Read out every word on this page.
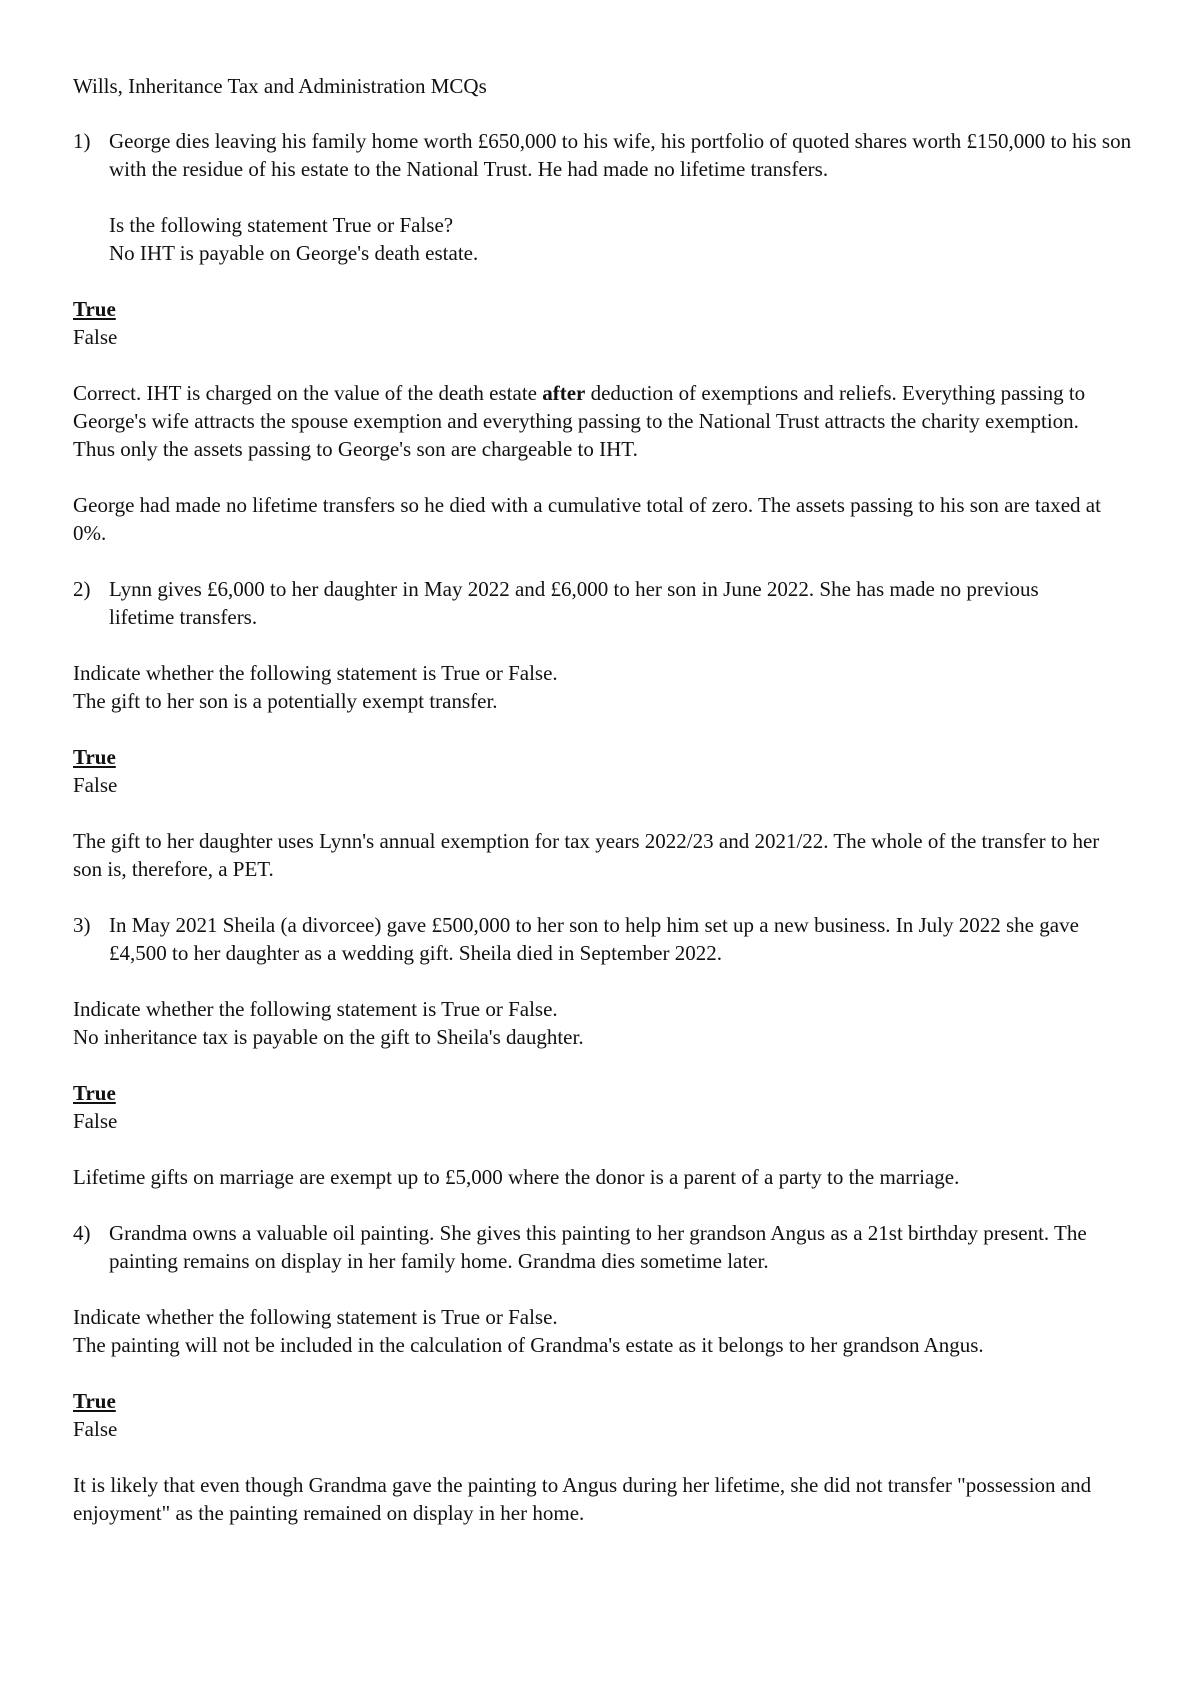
Wills, Inheritance Tax and Administration MCQs

1) George dies leaving his family home worth £650,000 to his wife, his portfolio of quoted shares worth £150,000 to his son with the residue of his estate to the National Trust. He had made no lifetime transfers.

Is the following statement True or False?

No IHT is payable on George's death estate.

True

False

Correct. IHT is charged on the value of the death estate after deduction of exemptions and reliefs. Everything passing to George's wife attracts the spouse exemption and everything passing to the National Trust attracts the charity exemption. Thus only the assets passing to George's son are chargeable to IHT.

George had made no lifetime transfers so he died with a cumulative total of zero. The assets passing to his son are taxed at 0%.

2) Lynn gives £6,000 to her daughter in May 2022 and £6,000 to her son in June 2022. She has made no previous lifetime transfers.

Indicate whether the following statement is True or False.

The gift to her son is a potentially exempt transfer.

True

False

The gift to her daughter uses Lynn's annual exemption for tax years 2022/23 and 2021/22. The whole of the transfer to her son is, therefore, a PET.

3) In May 2021 Sheila (a divorcee) gave £500,000 to her son to help him set up a new business. In July 2022 she gave £4,500 to her daughter as a wedding gift. Sheila died in September 2022.

Indicate whether the following statement is True or False.

No inheritance tax is payable on the gift to Sheila's daughter.

True

False

Lifetime gifts on marriage are exempt up to £5,000 where the donor is a parent of a party to the marriage.

4) Grandma owns a valuable oil painting. She gives this painting to her grandson Angus as a 21st birthday present. The painting remains on display in her family home. Grandma dies sometime later.

Indicate whether the following statement is True or False.

The painting will not be included in the calculation of Grandma's estate as it belongs to her grandson Angus.

True

False

It is likely that even though Grandma gave the painting to Angus during her lifetime, she did not transfer "possession and enjoyment" as the painting remained on display in her home.
